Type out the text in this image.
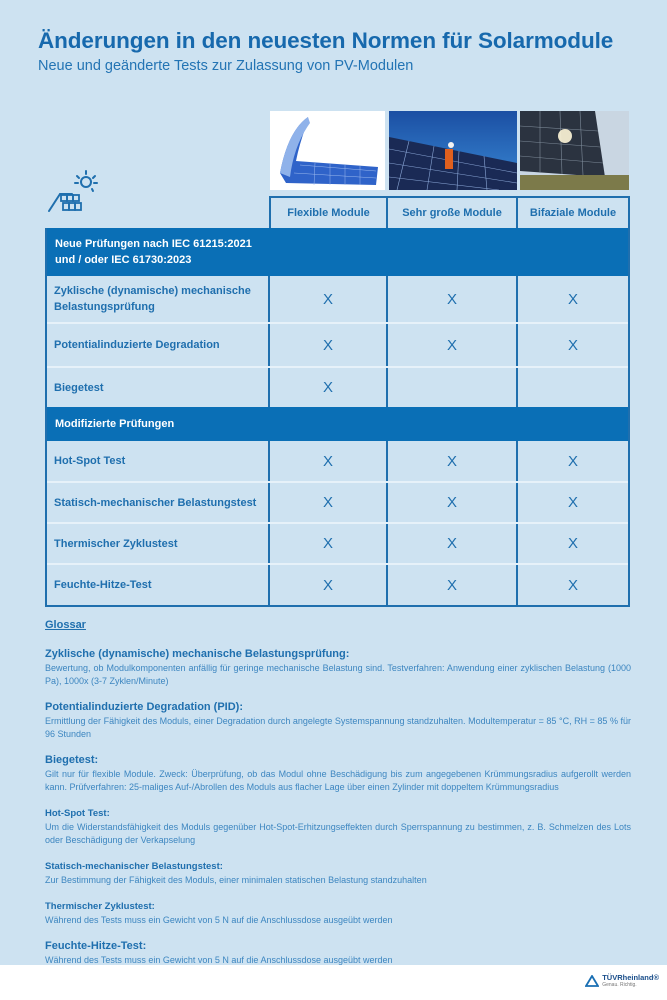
Änderungen in den neuesten Normen für Solarmodule
Neue und geänderte Tests zur Zulassung von PV-Modulen
Flexible Module	Sehr große Module	Bifaziale Module
Neue Prüfungen nach IEC 61215:2021
und / oder IEC 61730:2023
Zyklische (dynamische) mechanische Belastungsprüfung	X	X	X
Potentialinduzierte Degradation	X	X	X
Biegetest	X
Modifizierte Prüfungen
Hot-Spot Test	X	X	X
Statisch-mechanischer Belastungstest	X	X	X
Thermischer Zyklustest	X	X	X
Feuchte-Hitze-Test	X	X	X
Glossar
Zyklische (dynamische) mechanische Belastungsprüfung:
Bewertung, ob Modulkomponenten anfällig für geringe mechanische Belastung sind. Testverfahren: Anwendung einer zyklischen Belastung (1000 Pa), 1000x (3-7 Zyklen/Minute)
Potentialinduzierte Degradation (PID):
Ermittlung der Fähigkeit des Moduls, einer Degradation durch angelegte Systemspannung standzuhalten. Modultemperatur = 85 °C, RH = 85 % für 96 Stunden
Biegetest:
Gilt nur für flexible Module. Zweck: Überprüfung, ob das Modul ohne Beschädigung bis zum angegebenen Krümmungsradius aufgerollt werden kann. Prüfverfahren: 25-maliges Auf-/Abrollen des Moduls aus flacher Lage über einen Zylinder mit doppeltem Krümmungsradius
Hot-Spot Test:
Um die Widerstandsfähigkeit des Moduls gegenüber Hot-Spot-Erhitzungseffekten durch Sperrspannung zu bestimmen, z. B. Schmelzen des Lots oder Beschädigung der Verkapselung
Statisch-mechanischer Belastungstest:
Zur Bestimmung der Fähigkeit des Moduls, einer minimalen statischen Belastung standzuhalten
Thermischer Zyklustest:
Während des Tests muss ein Gewicht von 5 N auf die Anschlussdose ausgeübt werden
Feuchte-Hitze-Test:
Während des Tests muss ein Gewicht von 5 N auf die Anschlussdose ausgeübt werden
TÜVRheinland®
Genau. Richtig.
